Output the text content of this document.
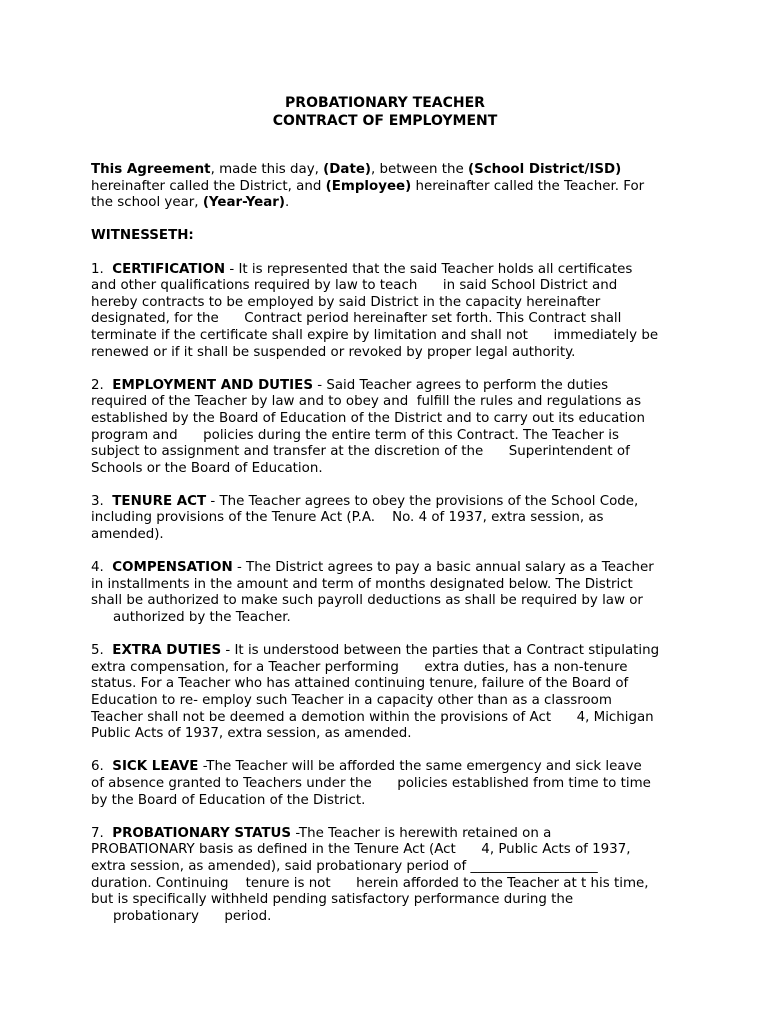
PROBATIONARY TEACHER
CONTRACT OF EMPLOYMENT
This Agreement, made this day, (Date), between the (School District/ISD)
hereinafter called the District, and (Employee) hereinafter called the Teacher. For
the school year, (Year-Year).
WITNESSETH:
1.  CERTIFICATION - It is represented that the said Teacher holds all certificates
and other qualifications required by law to teach      in said School District and
hereby contracts to be employed by said District in the capacity hereinafter
designated, for the      Contract period hereinafter set forth. This Contract shall
terminate if the certificate shall expire by limitation and shall not      immediately be
renewed or if it shall be suspended or revoked by proper legal authority.
2.  EMPLOYMENT AND DUTIES - Said Teacher agrees to perform the duties
required of the Teacher by law and to obey and  fulfill the rules and regulations as
established by the Board of Education of the District and to carry out its education
program and      policies during the entire term of this Contract. The Teacher is
subject to assignment and transfer at the discretion of the      Superintendent of
Schools or the Board of Education.
3.  TENURE ACT - The Teacher agrees to obey the provisions of the School Code,
including provisions of the Tenure Act (P.A.    No. 4 of 1937, extra session, as
amended).
4.  COMPENSATION - The District agrees to pay a basic annual salary as a Teacher
in installments in the amount and term of months designated below. The District
shall be authorized to make such payroll deductions as shall be required by law or
authorized by the Teacher.
5.  EXTRA DUTIES - It is understood between the parties that a Contract stipulating
extra compensation, for a Teacher performing      extra duties, has a non-tenure
status. For a Teacher who has attained continuing tenure, failure of the Board of
Education to re- employ such Teacher in a capacity other than as a classroom
Teacher shall not be deemed a demotion within the provisions of Act      4, Michigan
Public Acts of 1937, extra session, as amended.
6.  SICK LEAVE -The Teacher will be afforded the same emergency and sick leave
of absence granted to Teachers under the      policies established from time to time
by the Board of Education of the District.
7.  PROBATIONARY STATUS -The Teacher is herewith retained on a
PROBATIONARY basis as defined in the Tenure Act (Act      4, Public Acts of 1937,
extra session, as amended), said probationary period of ___________________
duration. Continuing    tenure is not      herein afforded to the Teacher at t his time,
but is specifically withheld pending satisfactory performance during the
probationary      period.
